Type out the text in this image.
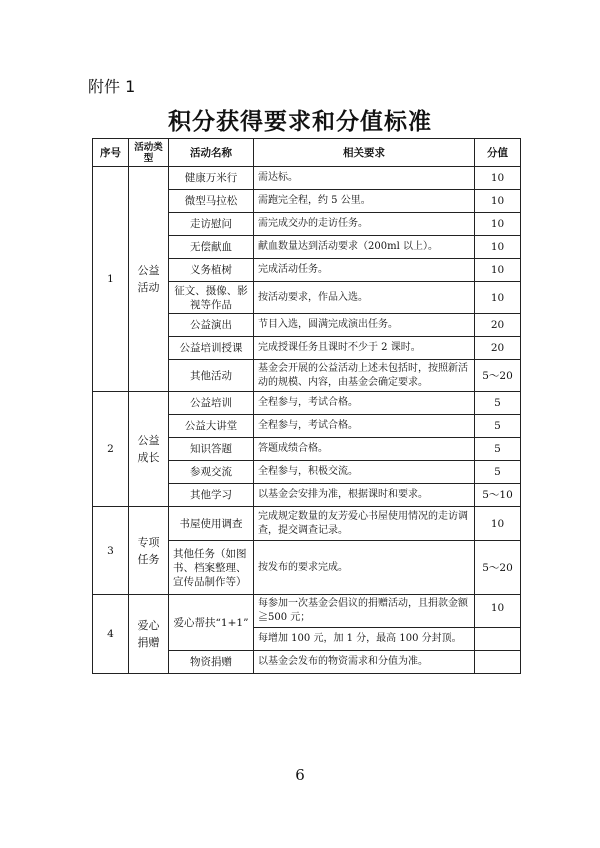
附件 1
积分获得要求和分值标准
序号	活动类型	活动名称	相关要求	分值
1	公益活动	健康万米行	需达标。	10
		微型马拉松	需跑完全程，约 5 公里。	10
		走访慰问	需完成交办的走访任务。	10
		无偿献血	献血数量达到活动要求（200ml 以上）。	10
		义务植树	完成活动任务。	10
		征文、摄像、影视等作品	按活动要求，作品入选。	10
		公益演出	节目入选，圆满完成演出任务。	20
		公益培训授课	完成授课任务且课时不少于 2 课时。	20
		其他活动	基金会开展的公益活动上述未包括时，按照新活动的规模、内容，由基金会确定要求。	5～20
2	公益成长	公益培训	全程参与，考试合格。	5
		公益大讲堂	全程参与，考试合格。	5
		知识答题	答题成绩合格。	5
		参观交流	全程参与，积极交流。	5
		其他学习	以基金会安排为准，根据课时和要求。	5～10
3	专项任务	书屋使用调查	完成规定数量的友芳爱心书屋使用情况的走访调查，提交调查记录。	10
		其他任务（如图书、档案整理、宣传品制作等）	按发布的要求完成。	5～20
4	爱心捐赠	爱心帮扶“1+1”	每参加一次基金会倡议的捐赠活动，且捐款金额≧500 元；	10
			每增加 100 元，加 1 分，最高 100 分封顶。	
		物资捐赠	以基金会发布的物资需求和分值为准。	
6
